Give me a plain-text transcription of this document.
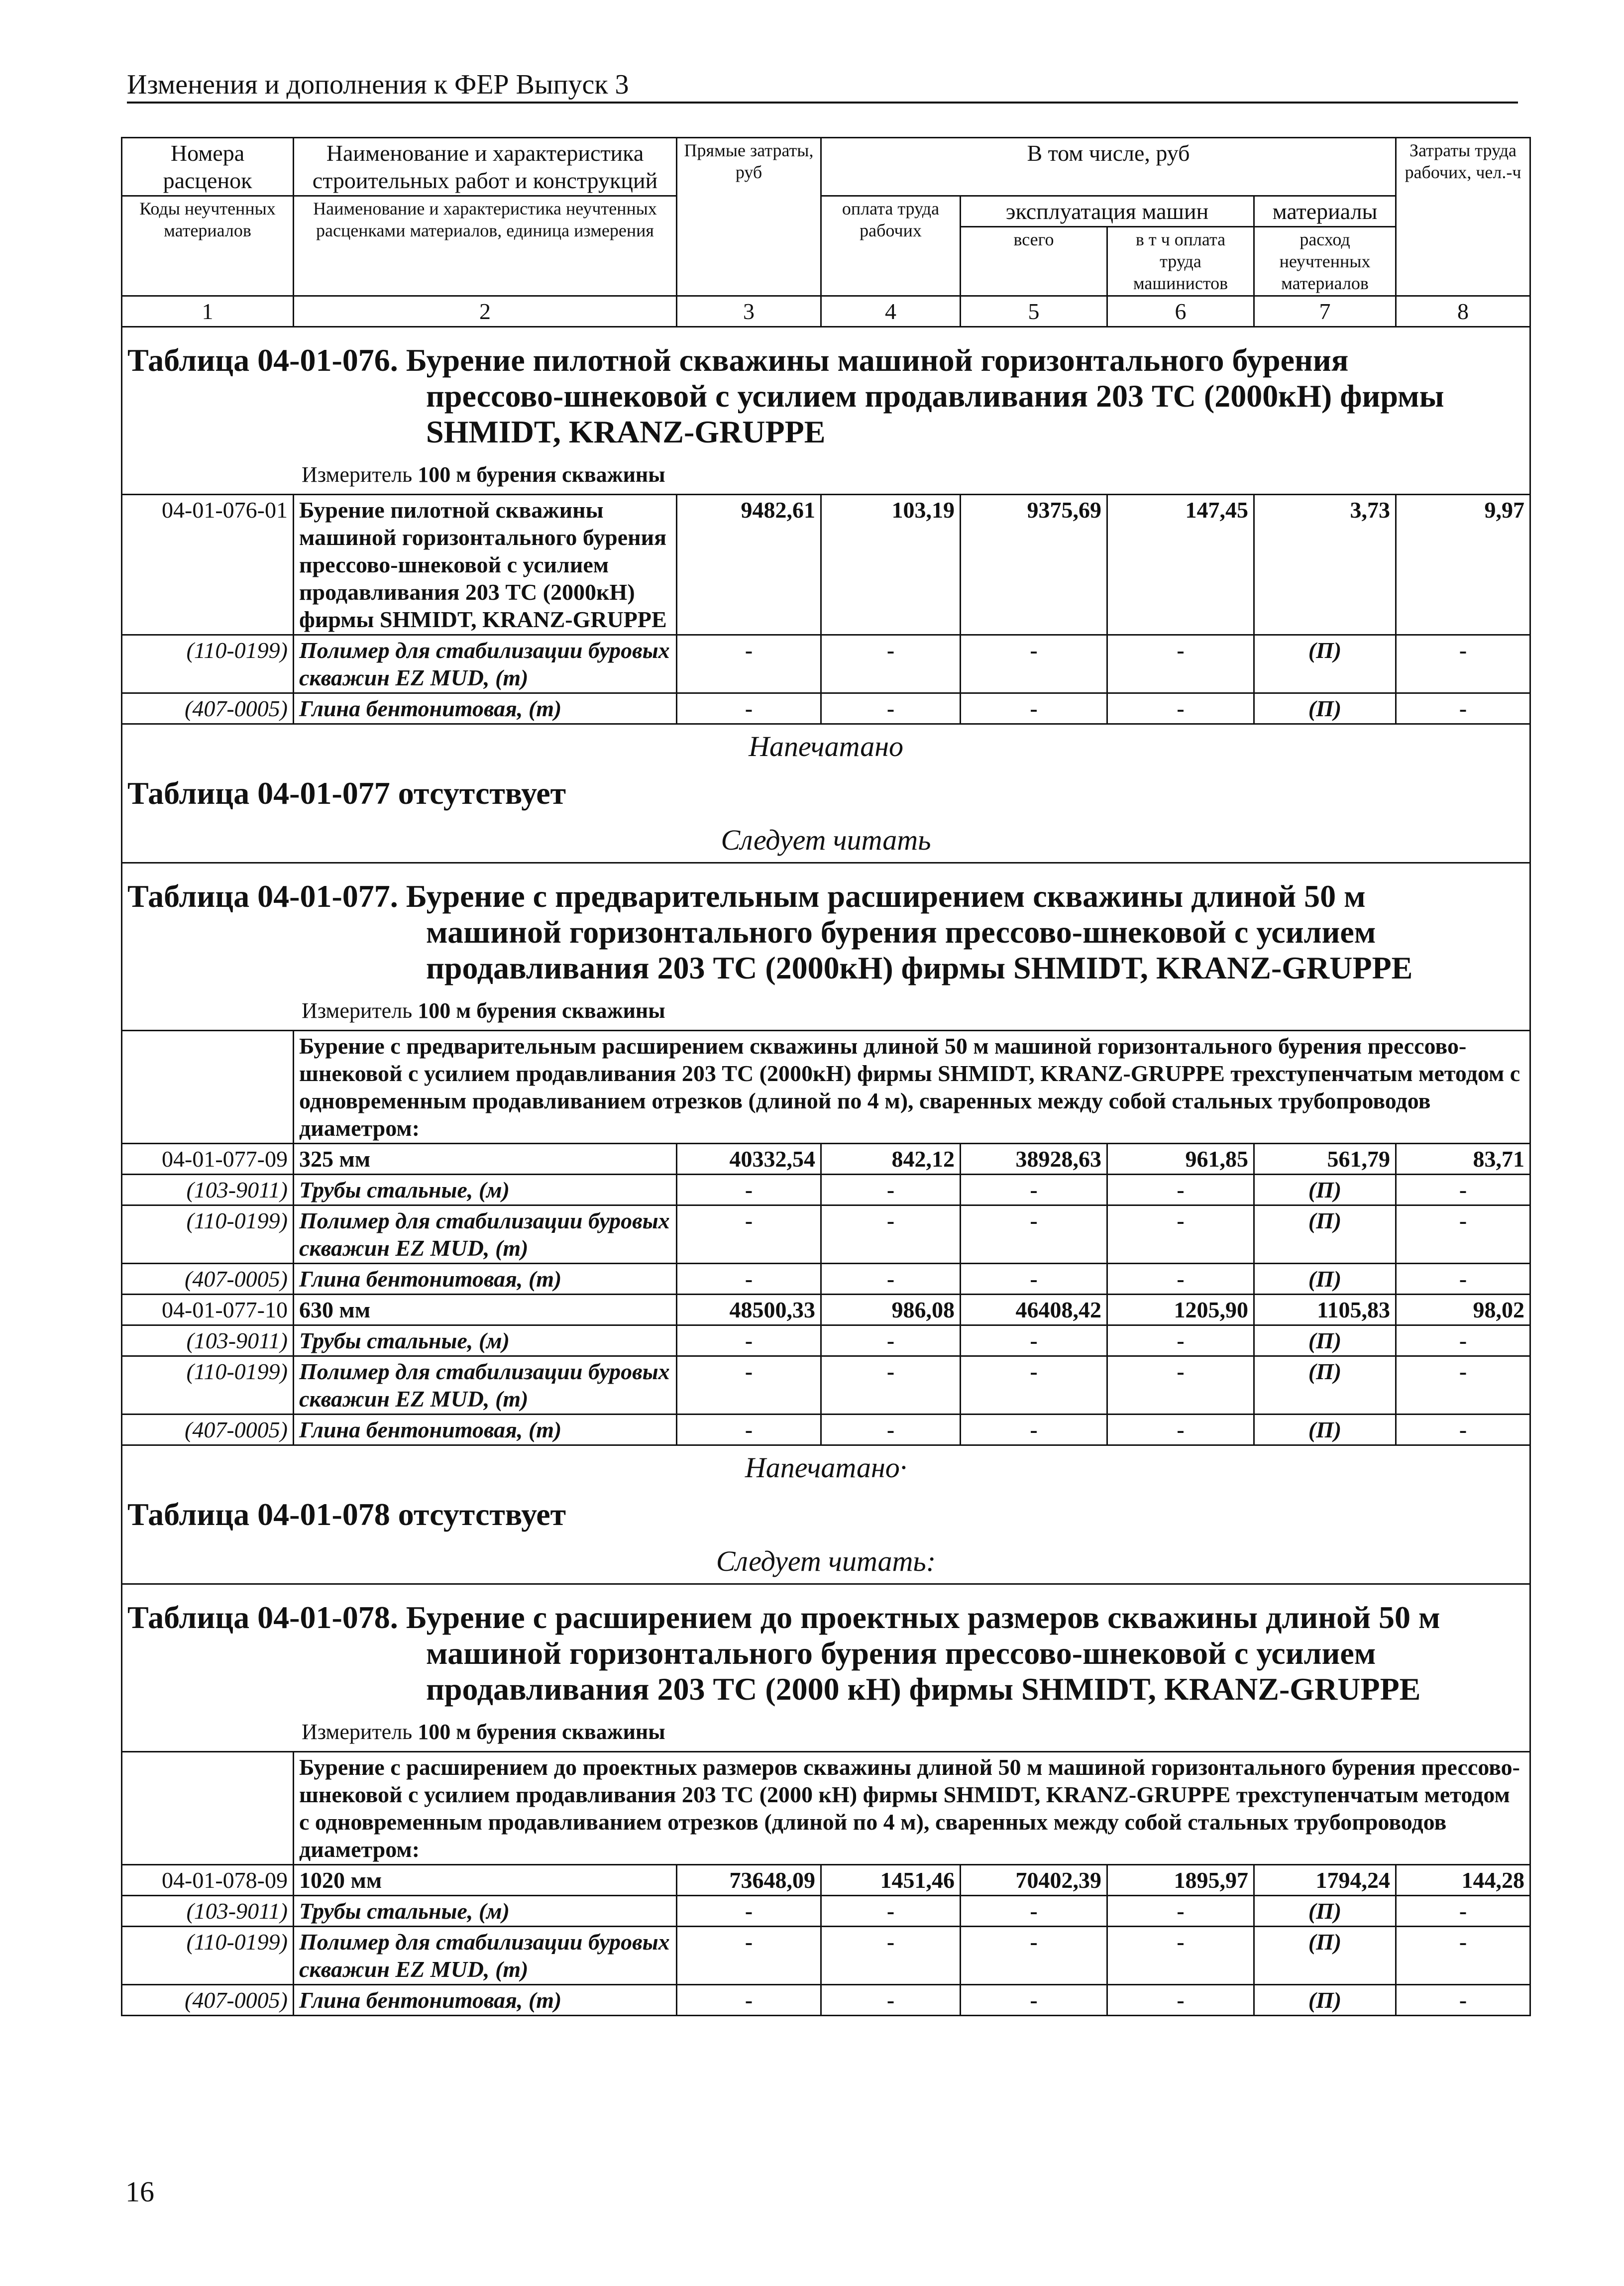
Изменения и дополнения к ФЕР Выпуск 3
Номера расценок	Наименование и характеристика строительных работ и конструкций	Прямые затраты, руб	В том числе, руб				Затраты труда рабочих, чел.-ч
Коды неучтенных материалов	Наименование и характеристика неучтенных расценками материалов, единица измерения		оплата труда рабочих	эксплуатация машин		материалы	
				всего	в т ч оплата труда машинистов	расход неучтенных материалов	
1	2	3	4	5	6	7	8

Таблица 04-01-076. Бурение пилотной скважины машиной горизонтального бурения
прессово-шнековой с усилием продавливания 203 ТС (2000кН) фирмы
SHMIDT, KRANZ-GRUPPE
Измеритель 100 м бурения скважины							

04-01-076-01	Бурение пилотной скважины машиной горизонтального бурения прессово-шнековой с усилием продавливания 203 ТС (2000кН) фирмы SHMIDT, KRANZ-GRUPPE	9482,61	103,19	9375,69	147,45	3,73	9,97
(110-0199)	Полимер для стабилизации буровых скважин EZ MUD, (т)	-	-	-	-	(П)	-
(407-0005)	Глина бентонитовая, (т)	-	-	-	-	(П)	-
Напечатано							
Таблица 04-01-077 отсутствует							
Следует читать							

Таблица 04-01-077. Бурение с предварительным расширением скважины длиной 50 м
машиной горизонтального бурения прессово-шнековой с усилием
продавливания 203 ТС (2000кН) фирмы SHMIDT, KRANZ-GRUPPE
Измеритель 100 м бурения скважины							

	Бурение с предварительным расширением скважины длиной 50 м машиной горизонтального бурения прессово-шнековой с усилием продавливания 203 ТС (2000кН) фирмы SHMIDT, KRANZ-GRUPPE трехступенчатым методом с одновременным продавливанием отрезков (длиной по 4 м), сваренных между собой стальных трубопроводов диаметром:						
04-01-077-09	325 мм	40332,54	842,12	38928,63	961,85	561,79	83,71
(103-9011)	Трубы стальные, (м)	-	-	-	-	(П)	-
(110-0199)	Полимер для стабилизации буровых скважин EZ MUD, (т)	-	-	-	-	(П)	-
(407-0005)	Глина бентонитовая, (т)	-	-	-	-	(П)	-
04-01-077-10	630 мм	48500,33	986,08	46408,42	1205,90	1105,83	98,02
(103-9011)	Трубы стальные, (м)	-	-	-	-	(П)	-
(110-0199)	Полимер для стабилизации буровых скважин EZ MUD, (т)	-	-	-	-	(П)	-
(407-0005)	Глина бентонитовая, (т)	-	-	-	-	(П)	-
Напечатано·							
Таблица 04-01-078 отсутствует							
Следует читать:							

Таблица 04-01-078. Бурение с расширением до проектных размеров скважины длиной 50 м
машиной горизонтального бурения прессово-шнековой с усилием
продавливания 203 ТС (2000 кН) фирмы SHMIDT, KRANZ-GRUPPE
Измеритель 100 м бурения скважины							

	Бурение с расширением до проектных размеров скважины длиной 50 м машиной горизонтального бурения прессово-шнековой с усилием продавливания 203 ТС (2000 кН) фирмы SHMIDT, KRANZ-GRUPPE трехступенчатым методом с одновременным продавливанием отрезков (длиной по 4 м), сваренных между собой стальных трубопроводов диаметром:						
04-01-078-09	1020 мм	73648,09	1451,46	70402,39	1895,97	1794,24	144,28
(103-9011)	Трубы стальные, (м)	-	-	-	-	(П)	-
(110-0199)	Полимер для стабилизации буровых скважин EZ MUD, (т)	-	-	-	-	(П)	-
(407-0005)	Глина бентонитовая, (т)	-	-	-	-	(П)	-
16
